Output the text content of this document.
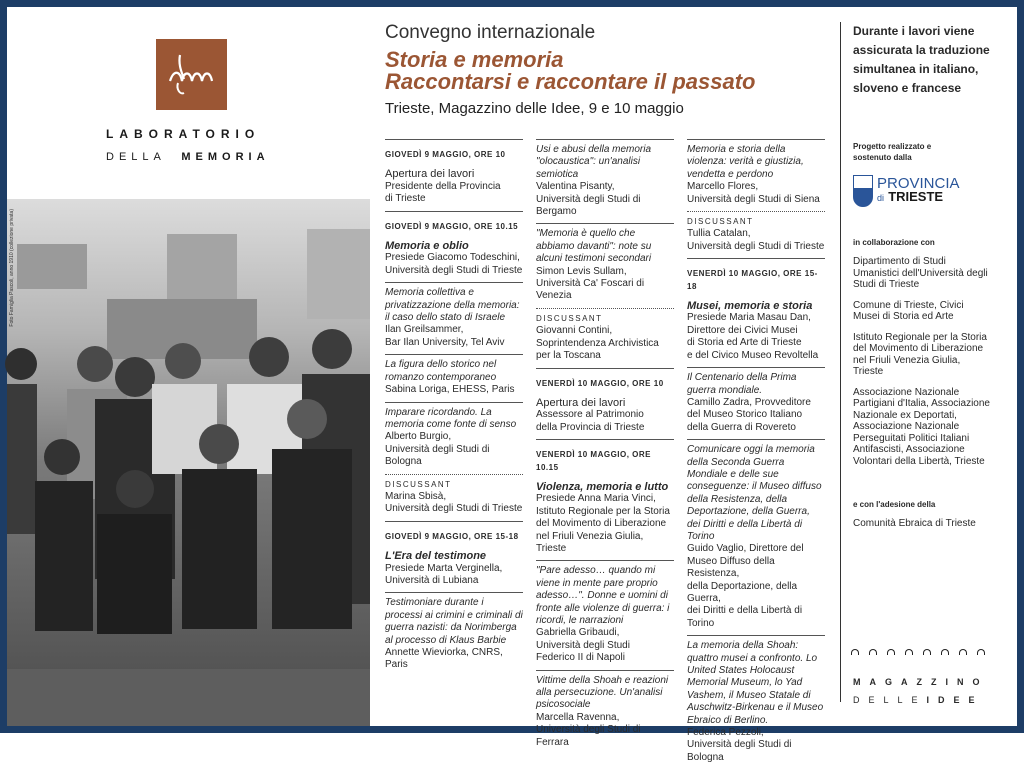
LABORATORIO
DELLA MEMORIA
Foto Famiglia Pascoli, anno 1910 (collezione privata)
Convegno internazionale
Storia e memoria
Raccontarsi e raccontare il passato
Trieste, Magazzino delle Idee, 9 e 10 maggio
GIOVEDÌ 9 MAGGIO, ORE 10
Apertura dei lavori
Presidente della Provincia
di Trieste
GIOVEDÌ 9 MAGGIO, ORE 10.15
Memoria e oblio
Presiede Giacomo Todeschini,
Università degli Studi di Trieste
Memoria collettiva e privatizzazione della memoria: il caso dello stato di Israele
Ilan Greilsammer,
Bar Ilan University, Tel Aviv
La figura dello storico nel romanzo contemporaneo
Sabina Loriga, EHESS, Paris
Imparare ricordando. La memoria come fonte di senso
Alberto Burgio,
Università degli Studi di Bologna
DISCUSSANT
Marina Sbisà,
Università degli Studi di Trieste
GIOVEDÌ 9 MAGGIO, ORE 15-18
L'Era del testimone
Presiede Marta Verginella,
Università di Lubiana
Testimoniare durante i processi ai crimini e criminali di guerra nazisti: da Norimberga al processo di Klaus Barbie
Annette Wieviorka, CNRS, Paris
Usi e abusi della memoria "olocaustica": un'analisi semiotica
Valentina Pisanty,
Università degli Studi di Bergamo
"Memoria è quello che abbiamo davanti": note su alcuni testimoni secondari
Simon Levis Sullam,
Università Ca' Foscari di Venezia
DISCUSSANT
Giovanni Contini,
Soprintendenza Archivistica
per la Toscana
VENERDÌ 10 MAGGIO, ORE 10
Apertura dei lavori
Assessore al Patrimonio
della Provincia di Trieste
VENERDÌ 10 MAGGIO, ORE 10.15
Violenza, memoria e lutto
Presiede Anna Maria Vinci,
Istituto Regionale per la Storia
del Movimento di Liberazione
nel Friuli Venezia Giulia, Trieste
"Pare adesso… quando mi viene in mente pare proprio adesso…". Donne e uomini di fronte alle violenze di guerra: i ricordi, le narrazioni
Gabriella Gribaudi,
Università degli Studi
Federico II di Napoli
Vittime della Shoah e reazioni alla persecuzione. Un'analisi psicosociale
Marcella Ravenna,
Università degli Studi di Ferrara
Memoria e storia della violenza: verità e giustizia, vendetta e perdono
Marcello Flores,
Università degli Studi di Siena
DISCUSSANT
Tullia Catalan,
Università degli Studi di Trieste
VENERDÌ 10 MAGGIO, ORE 15-18
Musei, memoria e storia
Presiede Maria Masau Dan,
Direttore dei Civici Musei
di Storia ed Arte di Trieste
e del Civico Museo Revoltella
Il Centenario della Prima guerra mondiale.
Camillo Zadra, Provveditore
del Museo Storico Italiano
della Guerra di Rovereto
Comunicare oggi la memoria della Seconda Guerra Mondiale e delle sue conseguenze: il Museo diffuso della Resistenza, della Deportazione, della Guerra, dei Diritti e della Libertà di Torino
Guido Vaglio, Direttore del
Museo Diffuso della Resistenza,
della Deportazione, della Guerra,
dei Diritti e della Libertà di Torino
La memoria della Shoah: quattro musei a confronto. Lo United States Holocaust Memorial Museum, lo Yad Vashem, il Museo Statale di Auschwitz-Birkenau e il Museo Ebraico di Berlino.
Federica Pezzoli,
Università degli Studi di Bologna
Durante i lavori viene assicurata la traduzione simultanea in italiano, sloveno e francese
Progetto realizzato e sostenuto dalla
PROVINCIA
di TRIESTE
in collaborazione con
Dipartimento di Studi Umanistici dell'Università degli Studi di Trieste
Comune di Trieste, Civici Musei di Storia ed Arte
Istituto Regionale per la Storia del Movimento di Liberazione nel Friuli Venezia Giulia, Trieste
Associazione Nazionale Partigiani d'Italia, Associazione Nazionale ex Deportati, Associazione Nazionale Perseguitati Politici Italiani Antifascisti, Associazione Volontari della Libertà, Trieste
e con l'adesione della
Comunità Ebraica di Trieste
MAGAZZINO
DELLEIDEE
